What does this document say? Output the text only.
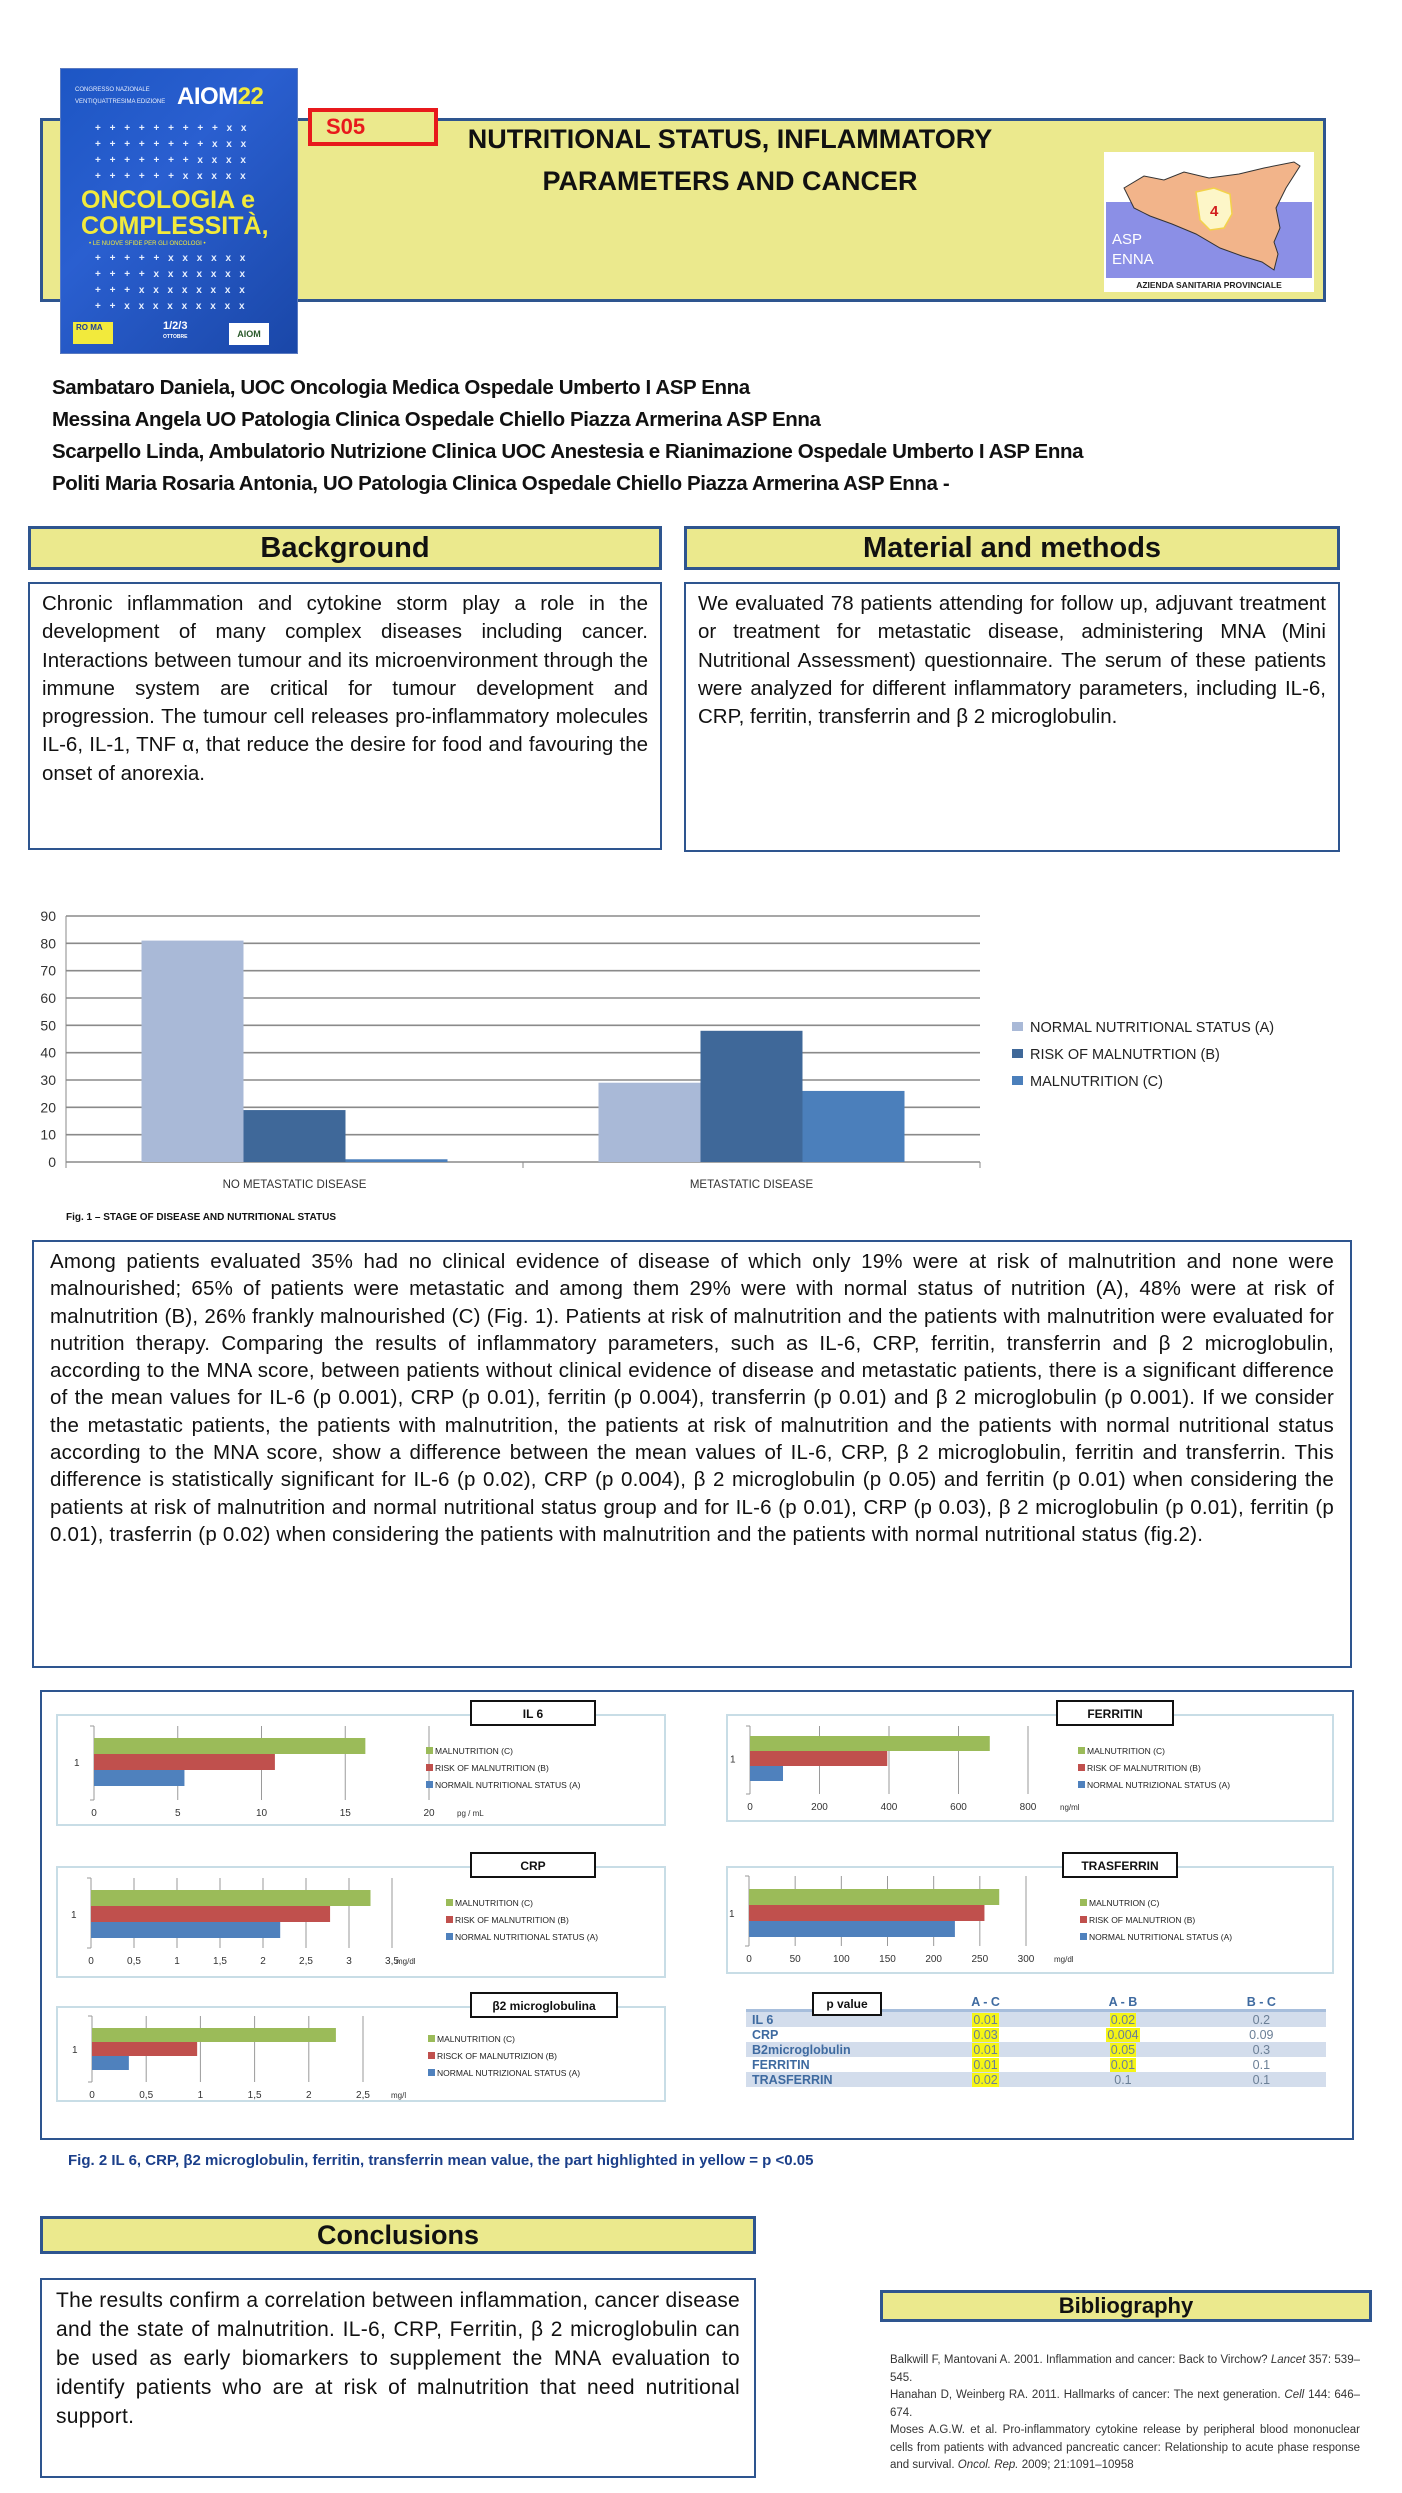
CONGRESSO NAZIONALE
VENTIQUATTRESIMA EDIZIONE AIOM22
+ + + + + + + + + x x
+ + + + + + + + x x x
+ + + + + + + x x x x
+ + + + + + x x x x x
ONCOLOGIA e
COMPLESSITÀ,
• LE NUOVE SFIDE PER GLI ONCOLOGI •
+ + + + + x x x x x x
+ + + + x x x x x x x
+ + + x x x x x x x x
+ + x x x x x x x x x
RO MA	1/2/3
OTTOBRE	AIOM
S05	NUTRITIONAL STATUS, INFLAMMATORY
PARAMETERS AND CANCER
4
ASP
ENNA
AZIENDA SANITARIA PROVINCIALE
Sambataro Daniela, UOC Oncologia Medica Ospedale Umberto I ASP Enna
Messina Angela UO Patologia Clinica Ospedale Chiello Piazza Armerina ASP Enna
Scarpello Linda, Ambulatorio Nutrizione Clinica UOC Anestesia e Rianimazione Ospedale Umberto I ASP Enna
Politi Maria Rosaria Antonia, UO Patologia Clinica Ospedale Chiello Piazza Armerina ASP Enna -
Background	Material and methods
Chronic inflammation and cytokine storm play a role in the development of many complex diseases including cancer. Interactions between tumour and its microenvironment through the immune system are critical for tumour development and progression. The tumour cell releases pro-inflammatory molecules IL-6, IL-1, TNF α, that reduce the desire for food and favouring the onset of anorexia.
We evaluated 78 patients attending for follow up, adjuvant treatment or treatment for metastatic disease, administering MNA (Mini Nutritional Assessment) questionnaire. The serum of these patients were analyzed for different inflammatory parameters, including IL-6, CRP, ferritin, transferrin and β 2 microglobulin.
0
10
20
30
40
50
60
70
80
90
NO METASTATIC DISEASE	METASTATIC DISEASE
NORMAL NUTRITIONAL STATUS (A)
RISK OF MALNUTRTION (B)
MALNUTRITION (C)
Fig. 1 – STAGE OF DISEASE AND NUTRITIONAL STATUS
Among patients evaluated 35% had no clinical evidence of disease of which only 19% were at risk of malnutrition and none were malnourished; 65% of patients were metastatic and among them 29% were with normal status of nutrition (A), 48% were at risk of malnutrition (B), 26% frankly malnourished (C) (Fig. 1). Patients at risk of malnutrition and the patients with malnutrition were evaluated for nutrition therapy. Comparing the results of inflammatory parameters, such as IL-6, CRP, ferritin, transferrin and β 2 microglobulin, according to the MNA score, between patients without clinical evidence of disease and metastatic patients, there is a significant difference of the mean values for IL-6 (p 0.001), CRP (p 0.01), ferritin (p 0.004), transferrin (p 0.01) and β 2 microglobulin (p 0.001). If we consider the metastatic patients, the patients with malnutrition, the patients at risk of malnutrition and the patients with normal nutritional status according to the MNA score, show a difference between the mean values of IL-6, CRP, β 2 microglobulin, ferritin and transferrin. This difference is statistically significant for IL-6 (p 0.02), CRP (p 0.004), β 2 microglobulin (p 0.05) and ferritin (p 0.01) when considering the patients at risk of malnutrition and normal nutritional status group and for IL-6 (p 0.01), CRP (p 0.03), β 2 microglobulin (p 0.01), ferritin (p 0.01), trasferrin (p 0.02) when considering the patients with malnutrition and the patients with normal nutritional status (fig.2).
0	5	10	15	20
1
pg / mL
MALNUTRITION (C)
RISK OF MALNUTRITION (B)
NORMAİL NUTRITIONAL STATUS (A)
IL 6
0	200	400	600	800
1
ng/ml
MALNUTRITION (C)
RISK OF MALNUTRITION (B)
NORMAL NUTRIZIONAL STATUS (A)
FERRITIN
0	0,5	1	1,5	2	2,5	3	3,5
1
mg/dl
MALNUTRITION (C)
RISK OF MALNUTRITION (B)
NORMAL NUTRITIONAL STATUS (A)
CRP
0	50	100	150	200	250	300
1
mg/dl
MALNUTRION (C)
RISK OF MALNUTRION (B)
NORMAL NUTRITIONAL STATUS (A)
TRASFERRIN
0	0,5	1	1,5	2	2,5
1
mg/l
MALNUTRITION (C)
RISCK OF MALNUTRIZION (B)
NORMAL NUTRIZIONAL STATUS (A)
β2 microglobulina
		A - C	A - B	B - C
IL 6	0.01	0.02	0.2
CRP	0.03	0.004	0.09
B2microglobulin	0.01	0.05	0.3
FERRITIN	0.01	0.01	0.1
TRASFERRIN	0.02	0.1	0.1
p value
Fig. 2 IL 6, CRP, β2 microglobulin, ferritin, transferrin mean value, the part highlighted in yellow = p <0.05
Conclusions
The results confirm a correlation between inflammation, cancer disease and the state of malnutrition. IL-6, CRP, Ferritin, β 2 microglobulin can be used as early biomarkers to supplement the MNA evaluation to identify patients who are at risk of malnutrition that need nutritional support.
Bibliography
Balkwill F, Mantovani A. 2001. Inflammation and cancer: Back to Virchow? Lancet 357: 539–545.
Hanahan D, Weinberg RA. 2011. Hallmarks of cancer: The next generation. Cell 144: 646–674.
Moses A.G.W. et al. Pro-inflammatory cytokine release by peripheral blood mononuclear cells from patients with advanced pancreatic cancer: Relationship to acute phase response and survival. Oncol. Rep. 2009; 21:1091–10958
